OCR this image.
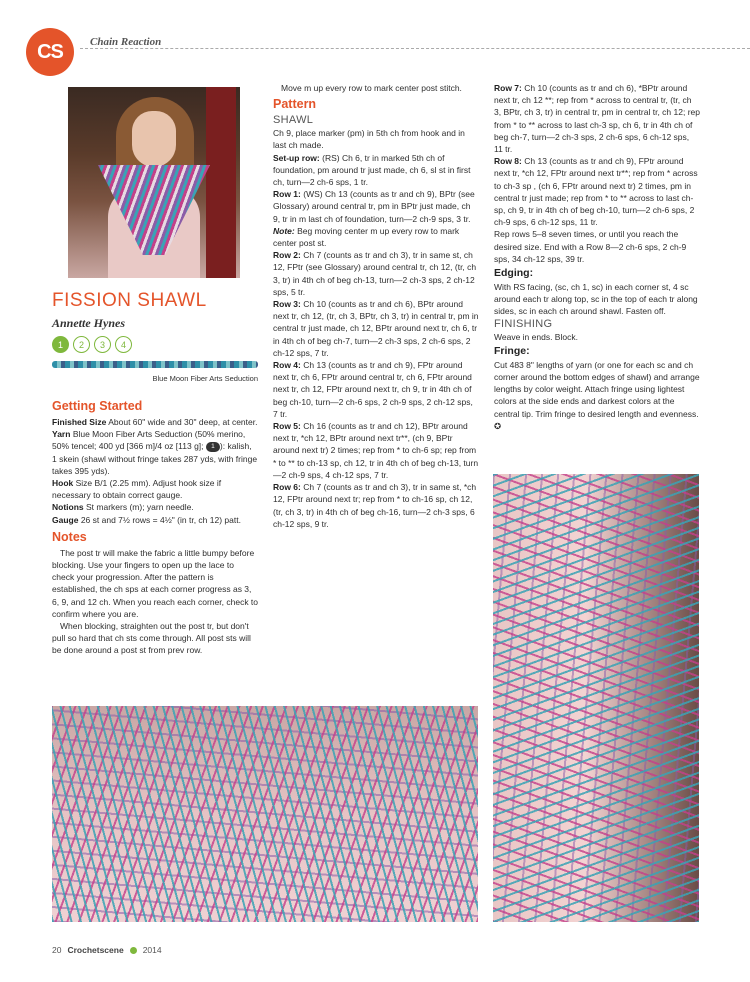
CS	Chain Reaction
FISSION SHAWL
Annette Hynes
1	2	3	4
Blue Moon Fiber Arts Seduction
Getting Started

Finished Size About 60" wide and 30" deep, at center.

Yarn Blue Moon Fiber Arts Seduction (50% merino, 50% tencel; 400 yd [366 m]/4 oz [113 g]; 1 ): kalish, 1 skein (shawl without fringe takes 287 yds, with fringe takes 395 yds).

Hook Size B/1 (2.25 mm). Adjust hook size if necessary to obtain correct gauge.

Notions St markers (m); yarn needle.

Gauge 26 st and 7½ rows = 4½" (in tr, ch 12) patt.

Notes

The post tr will make the fabric a little bumpy before blocking. Use your fingers to open up the lace to check your progression. After the pattern is established, the ch sps at each corner progress as 3, 6, 9, and 12 ch. When you reach each corner, check to confirm where you are.

When blocking, straighten out the post tr, but don't pull so hard that ch sts come through. All post sts will be done around a post st from prev row.

Move m up every row to mark center post stitch.

Pattern
SHAWL

Ch 9, place marker (pm) in 5th ch from hook and in last ch made.

Set-up row: (RS) Ch 6, tr in marked 5th ch of foundation, pm around tr just made, ch 6, sl st in first ch, turn—2 ch-6 sps, 1 tr.

Row 1: (WS) Ch 13 (counts as tr and ch 9), BPtr (see Glossary) around central tr, pm in BPtr just made, ch 9, tr in m last ch of foundation, turn—2 ch-9 sps, 3 tr.

Note: Beg moving center m up every row to mark center post st.

Row 2: Ch 7 (counts as tr and ch 3), tr in same st, ch 12, FPtr (see Glossary) around central tr, ch 12, (tr, ch 3, tr) in 4th ch of beg ch-13, turn—2 ch-3 sps, 2 ch-12 sps, 5 tr.

Row 3: Ch 10 (counts as tr and ch 6), BPtr around next tr, ch 12, (tr, ch 3, BPtr, ch 3, tr) in central tr, pm in central tr just made, ch 12, BPtr around next tr, ch 6, tr in 4th ch of beg ch-7, turn—2 ch-3 sps, 2 ch-6 sps, 2 ch-12 sps, 7 tr.

Row 4: Ch 13 (counts as tr and ch 9), FPtr around next tr, ch 6, FPtr around central tr, ch 6, FPtr around next tr, ch 12, FPtr around next tr, ch 9, tr in 4th ch of beg ch-10, turn—2 ch-6 sps, 2 ch-9 sps, 2 ch-12 sps, 7 tr.

Row 5: Ch 16 (counts as tr and ch 12), BPtr around next tr, *ch 12, BPtr around next tr**, (ch 9, BPtr around next tr) 2 times; rep from * to ch-6 sp; rep from * to ** to ch-13 sp, ch 12, tr in 4th ch of beg ch-13, turn—2 ch-9 sps, 4 ch-12 sps, 7 tr.

Row 6: Ch 7 (counts as tr and ch 3), tr in same st, *ch 12, FPtr around next tr; rep from * to ch-16 sp, ch 12, (tr, ch 3, tr) in 4th ch of beg ch-16, turn—2 ch-3 sps, 6 ch-12 sps, 9 tr.

Row 7: Ch 10 (counts as tr and ch 6), *BPtr around next tr, ch 12 **; rep from * across to central tr, (tr, ch 3, BPtr, ch 3, tr) in central tr, pm in central tr, ch 12; rep from * to ** across to last ch-3 sp, ch 6, tr in 4th ch of beg ch-7, turn—2 ch-3 sps, 2 ch-6 sps, 6 ch-12 sps, 11 tr.

Row 8: Ch 13 (counts as tr and ch 9), FPtr around next tr, *ch 12, FPtr around next tr**; rep from * across to ch-3 sp , (ch 6, FPtr around next tr) 2 times, pm in central tr just made; rep from * to ** across to last ch-sp, ch 9, tr in 4th ch of beg ch-10, turn—2 ch-6 sps, 2 ch-9 sps, 6 ch-12 sps, 11 tr.

Rep rows 5–8 seven times, or until you reach the desired size. End with a Row 8—2 ch-6 sps, 2 ch-9 sps, 34 ch-12 sps, 39 tr.

Edging:

With RS facing, (sc, ch 1, sc) in each corner st, 4 sc around each tr along top, sc in the top of each tr along sides, sc in each ch around shawl. Fasten off.

FINISHING

Weave in ends. Block.

Fringe:

Cut 483 8" lengths of yarn (or one for each sc and ch corner around the bottom edges of shawl) and arrange lengths by color weight. Attach fringe using lightest colors at the side ends and darkest colors at the central tip. Trim fringe to desired length and evenness. ✪

20 Crochetscene 2014
